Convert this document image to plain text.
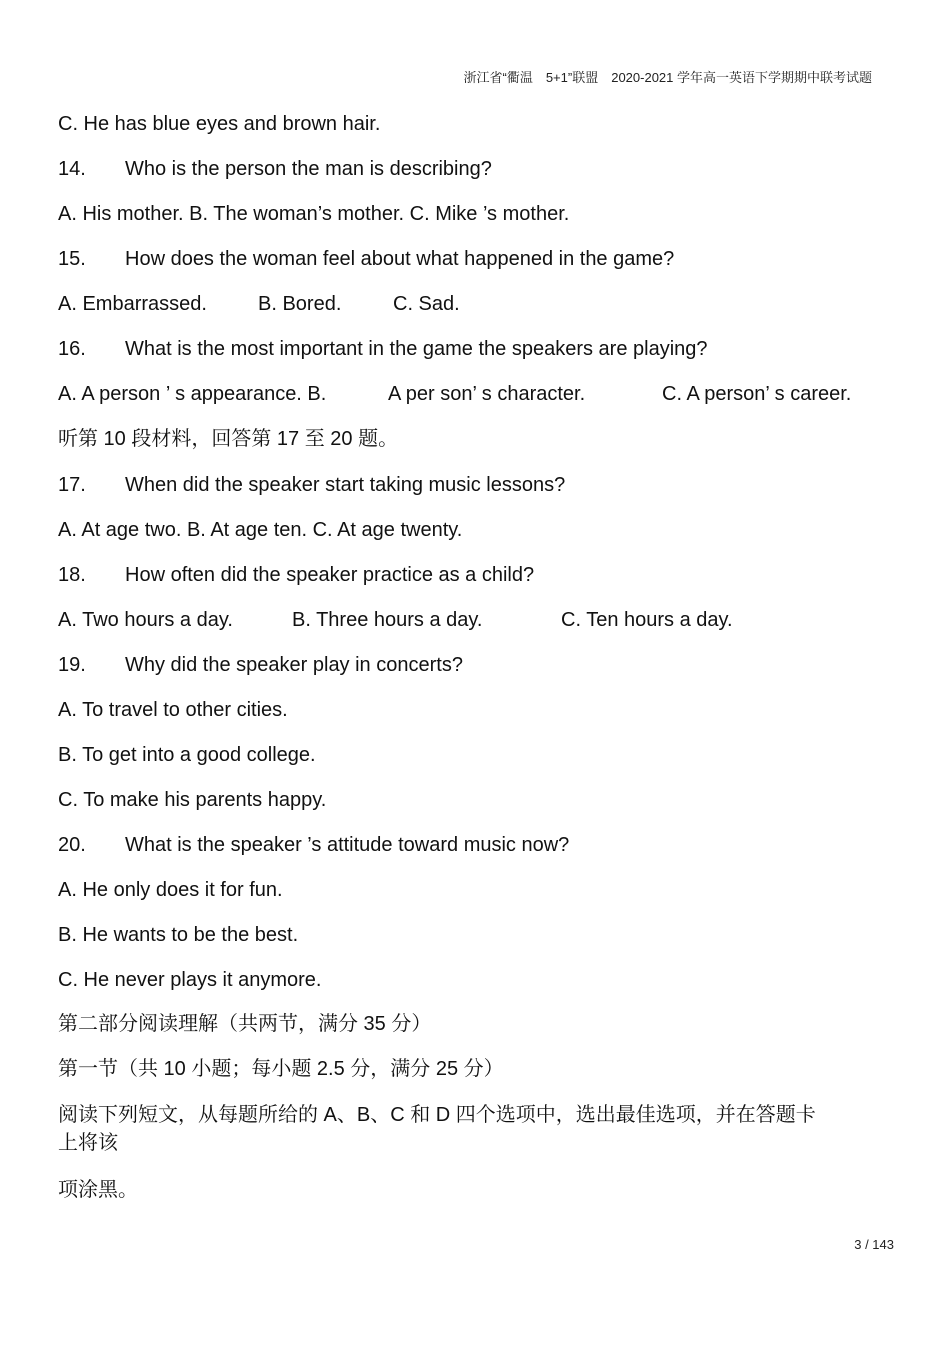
浙江省“衢温　5+1”联盟　2020-2021 学年高一英语下学期期中联考试题
C. He has blue eyes and brown hair.
14. Who is the person the man is describing?
A. His mother. B. The woman’s mother. C. Mike ’s mother.
15. How does the woman feel about what happened in the game?
A. Embarrassed.	B. Bored.	C. Sad.
16. What is the most important in the game the speakers are playing?
A. A person ’ s appearance. B.	A per son’ s character.	C. A person’ s career.
听第 10 段材料，回答第 17 至 20 题。
17. When did the speaker start taking music lessons?
A. At age two. B. At age ten. C. At age twenty.
18. How often did the speaker practice as a child?
A. Two hours a day.	B. Three hours a day.	C. Ten hours a day.
19. Why did the speaker play in concerts?
A. To travel to other cities.
B. To get into a good college.
C. To make his parents happy.
20. What is the speaker ’s attitude toward music now?
A. He only does it for fun.
B. He wants to be the best.
C. He never plays it anymore.
第二部分阅读理解（共两节，满分 35 分）
第一节（共 10 小题；每小题 2.5 分，满分 25 分）
阅读下列短文，从每题所给的 A、B、C 和 D 四个选项中，选出最佳选项，并在答题卡
上将该
项涂黑。
3 / 143
